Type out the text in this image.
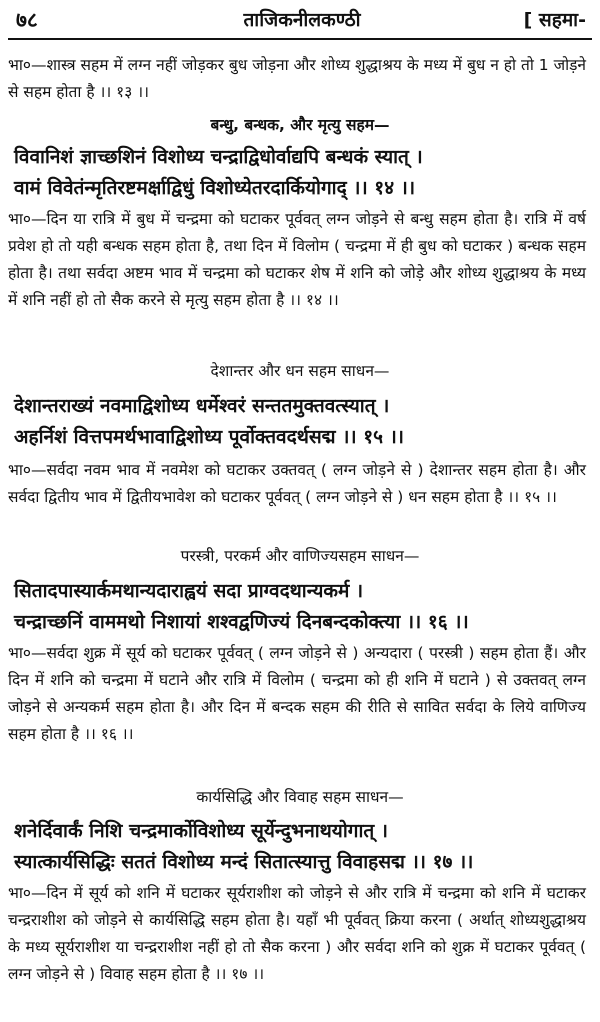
७८	ताजिकनीलकण्ठी	[ सहमा-
भा०—शास्त्र सहम में लग्न नहीं जोड़कर बुध जोड़ना और शोध्य शुद्धाश्रय के मध्य में बुध न हो तो 1 जोड़ने से सहम होता है ।। १३ ।।
बन्धु, बन्धक, और मृत्यु सहम—
विवानिशं ज्ञाच्छशिनं विशोध्य चन्द्राद्विधोर्वाद्यपि बन्धकं स्यात् ।
वामं विवेतंन्मृतिरष्टमर्क्षाद्विधुं विशोध्येतरदार्कियोगाद् ।। १४ ।।
भा०—दिन या रात्रि में बुध में चन्द्रमा को घटाकर पूर्ववत् लग्न जोड़ने से बन्धु सहम होता है। रात्रि में वर्ष प्रवेश हो तो यही बन्धक सहम होता है, तथा दिन में विलोम ( चन्द्रमा में ही बुध को घटाकर ) बन्धक सहम होता है। तथा सर्वदा अष्टम भाव में चन्द्रमा को घटाकर शेष में शनि को जोड़े और शोध्य शुद्धाश्रय के मध्य में शनि नहीं हो तो सैक करने से मृत्यु सहम होता है ।। १४ ।।
देशान्तर और धन सहम साधन—
देशान्तराख्यं नवमाद्विशोध्य धर्मेश्वरं सन्ततमुक्तवत्स्यात् ।
अहर्निशं वित्तपमर्थभावाद्विशोध्य पूर्वोक्तवदर्थसद्म ।। १५ ।।
भा०—सर्वदा नवम भाव में नवमेश को घटाकर उक्तवत् ( लग्न जोड़ने से ) देशान्तर सहम होता है। और सर्वदा द्वितीय भाव में द्वितीयभावेश को घटाकर पूर्ववत् ( लग्न जोड़ने से ) धन सहम होता है ।। १५ ।।
परस्त्री, परकर्म और वाणिज्यसहम साधन—
सितादपास्यार्कमथान्यदाराह्वयं सदा प्राग्वदथान्यकर्म ।
चन्द्राच्छनिं वाममथो निशायां शश्वद्वणिज्यं दिनबन्दकोक्त्या ।। १६ ।।
भा०—सर्वदा शुक्र में सूर्य को घटाकर पूर्ववत् ( लग्न जोड़ने से ) अन्यदारा ( परस्त्री ) सहम होता हैं। और दिन में शनि को चन्द्रमा में घटाने और रात्रि में विलोम ( चन्द्रमा को ही शनि में घटाने ) से उक्तवत् लग्न जोड़ने से अन्यकर्म सहम होता है। और दिन में बन्दक सहम की रीति से सावित सर्वदा के लिये वाणिज्य सहम होता है ।। १६ ।।
कार्यसिद्धि और विवाह सहम साधन—
शनेर्दिवार्कं निशि चन्द्रमार्कोविशोध्य सूर्येन्दुभनाथयोगात् ।
स्यात्कार्यसिद्धिः सततं विशोध्य मन्दं सितात्स्यात्तु विवाहसद्म ।। १७ ।।
भा०—दिन में सूर्य को शनि में घटाकर सूर्यराशीश को जोड़ने से और रात्रि में चन्द्रमा को शनि में घटाकर चन्द्रराशीश को जोड़ने से कार्यसिद्धि सहम होता है। यहाँ भी पूर्ववत् क्रिया करना ( अर्थात् शोध्यशुद्धाश्रय के मध्य सूर्यराशीश या चन्द्रराशीश नहीं हो तो सैक करना ) और सर्वदा शनि को शुक्र में घटाकर पूर्ववत् ( लग्न जोड़ने से ) विवाह सहम होता है ।। १७ ।।
